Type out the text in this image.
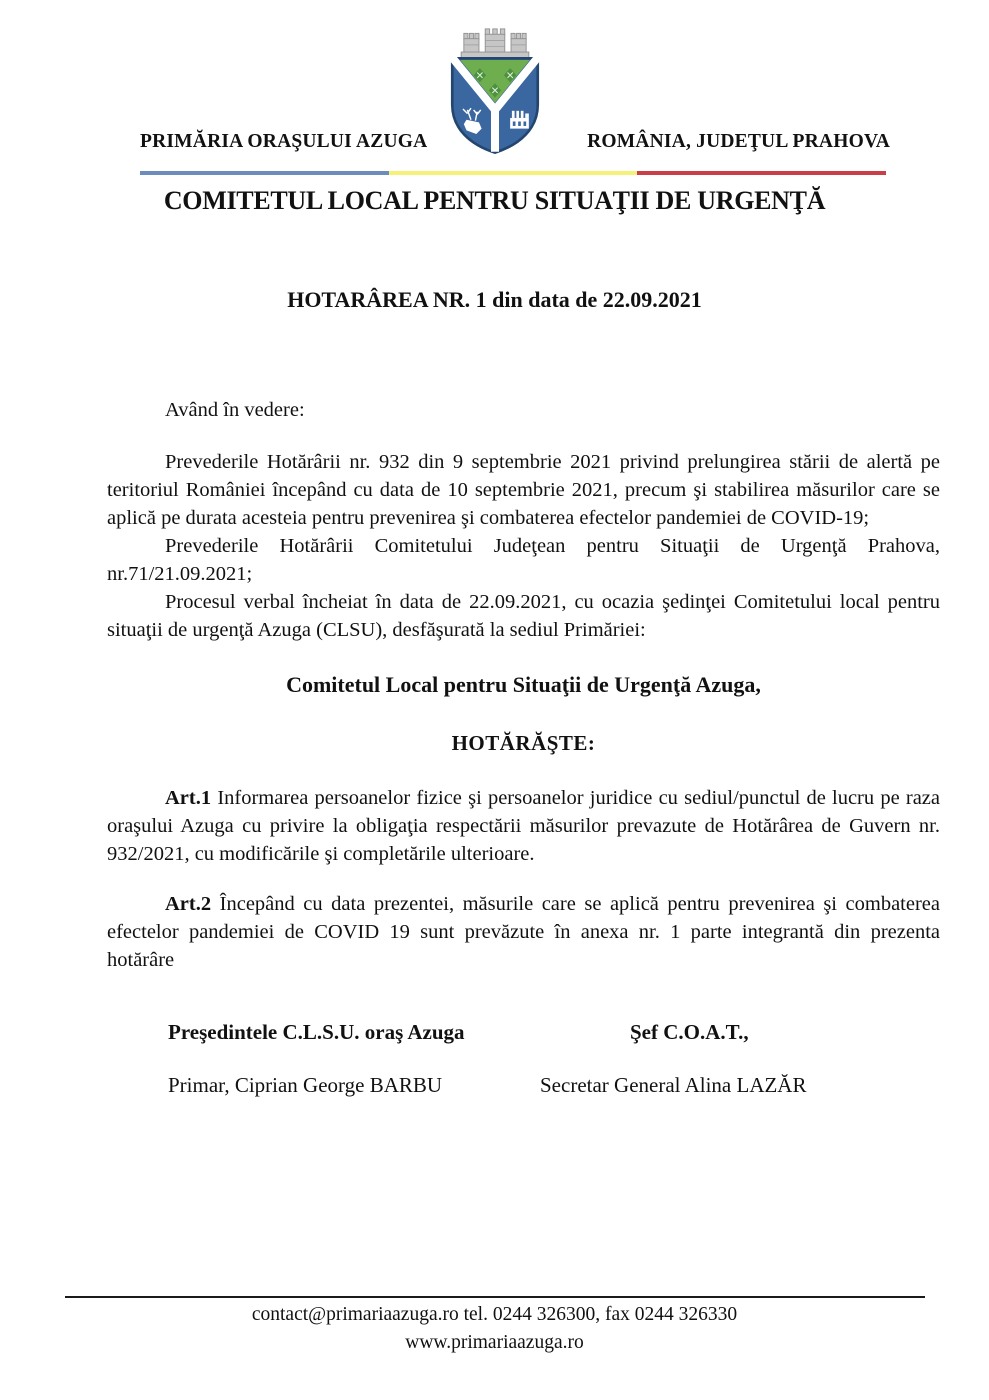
PRIMĂRIA ORAŞULUI AZUGA	ROMÂNIA, JUDEŢUL PRAHOVA
COMITETUL LOCAL PENTRU SITUAŢII DE URGENŢĂ
HOTARÂREA NR. 1 din data de 22.09.2021

Având în vedere:

Prevederile Hotărârii nr. 932 din 9 septembrie 2021 privind prelungirea stării de alertă pe teritoriul României începând cu data de 10 septembrie 2021, precum şi stabilirea măsurilor care se aplică pe durata acesteia pentru prevenirea şi combaterea efectelor pandemiei de COVID-19;

Prevederile Hotărârii Comitetului Judeţean pentru Situaţii de Urgenţă Prahova, nr.71/21.09.2021;

Procesul verbal încheiat în data de 22.09.2021, cu ocazia şedinţei Comitetului local pentru situaţii de urgenţă Azuga (CLSU), desfăşurată la sediul Primăriei:

Comitetul Local pentru Situaţii de Urgenţă Azuga,

HOTĂRĂŞTE:

Art.1 Informarea persoanelor fizice şi persoanelor juridice cu sediul/punctul de lucru pe raza oraşului Azuga cu privire la obligaţia respectării măsurilor prevazute de Hotărârea de Guvern nr. 932/2021, cu modificările şi completările ulterioare.

Art.2 Începând cu data prezentei, măsurile care se aplică pentru prevenirea şi combaterea efectelor pandemiei de COVID 19 sunt prevăzute în anexa nr. 1 parte integrantă din prezenta hotărâre

Preşedintele C.L.S.U. oraş Azuga	Şef C.O.A.T.,
Primar, Ciprian George BARBU	Secretar General Alina LAZĂR
contact@primariaazuga.ro tel. 0244 326300, fax 0244 326330
www.primariaazuga.ro
